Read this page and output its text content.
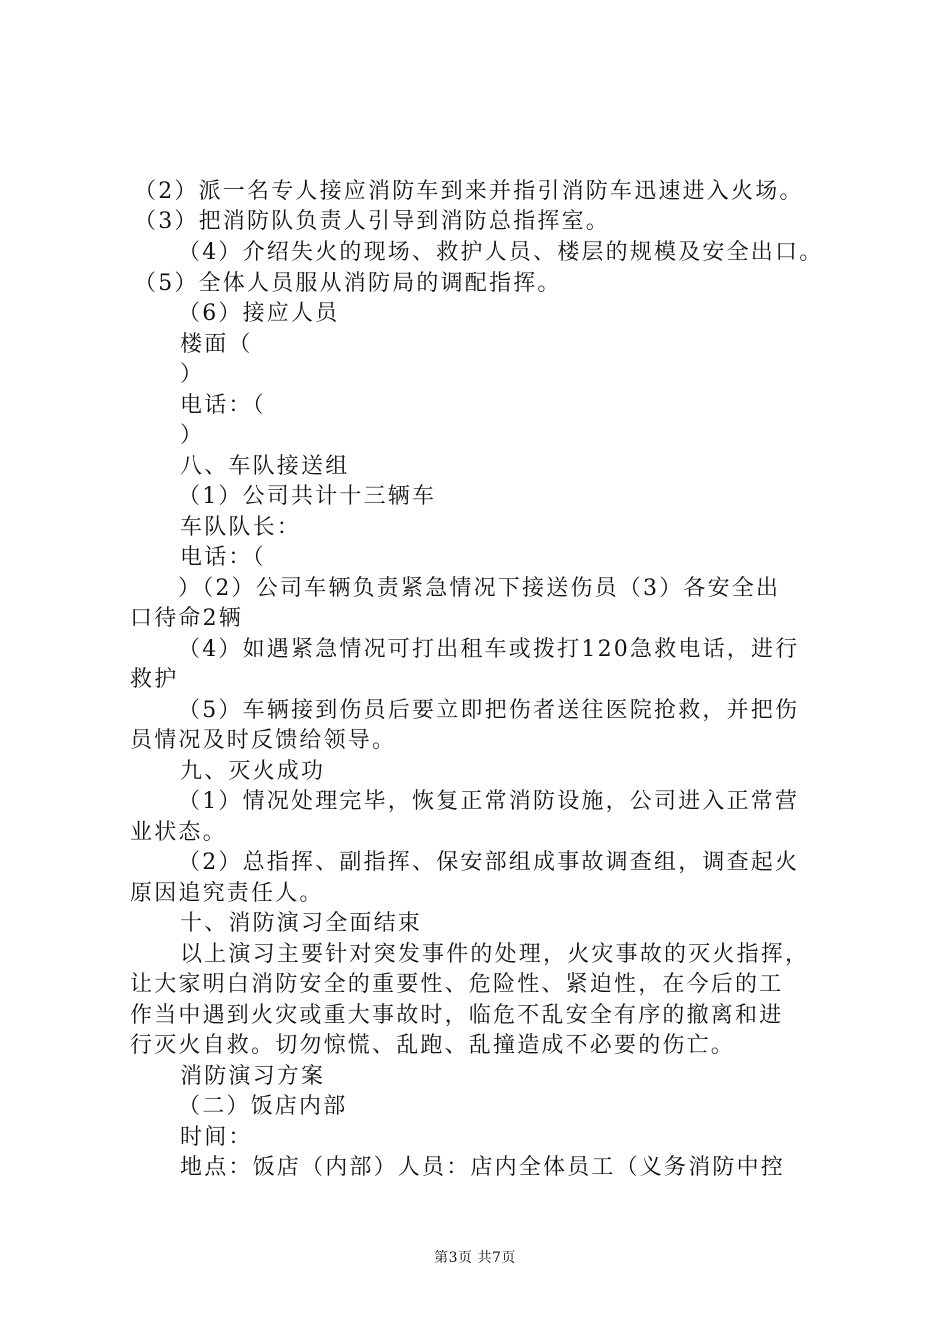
（2）派一名专人接应消防车到来并指引消防车迅速进入火场。
（3）把消防队负责人引导到消防总指挥室。
（4）介绍失火的现场、救护人员、楼层的规模及安全出口。
（5）全体人员服从消防局的调配指挥。
（6）接应人员
楼面（
）
电话：（
）
八、车队接送组
（1）公司共计十三辆车
车队队长：
电话：（
）（2）公司车辆负责紧急情况下接送伤员（3）各安全出
口待命2辆
（4）如遇紧急情况可打出租车或拨打120急救电话，进行
救护
（5）车辆接到伤员后要立即把伤者送往医院抢救，并把伤
员情况及时反馈给领导。
九、灭火成功
（1）情况处理完毕，恢复正常消防设施，公司进入正常营
业状态。
（2）总指挥、副指挥、保安部组成事故调查组，调查起火
原因追究责任人。
十、消防演习全面结束
以上演习主要针对突发事件的处理，火灾事故的灭火指挥，
让大家明白消防安全的重要性、危险性、紧迫性，在今后的工
作当中遇到火灾或重大事故时，临危不乱安全有序的撤离和进
行灭火自救。切勿惊慌、乱跑、乱撞造成不必要的伤亡。
消防演习方案
（二）饭店内部
时间：
地点：饭店（内部）人员：店内全体员工（义务消防中控
第3页 共7页
